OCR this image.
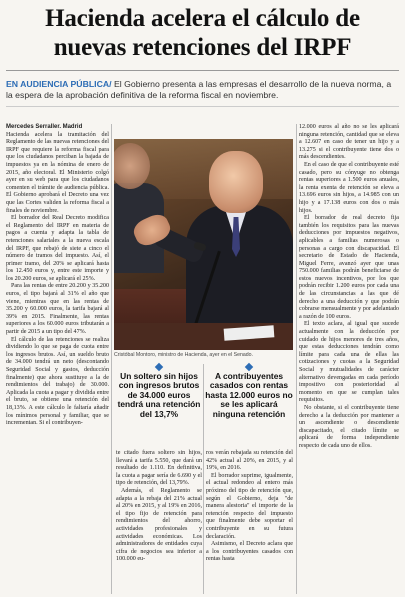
Hacienda acelera el cálculo de nuevas retenciones del IRPF
EN AUDIENCIA PÚBLICA/ El Gobierno presenta a las empresas el desarrollo de la nueva norma, a la espera de la aprobación definitiva de la reforma fiscal en noviembre.

Mercedes Serraller. Madrid

Hacienda acelera la tramitación del Reglamento de las nuevas retenciones del IRPF que requiere la reforma fiscal para que los ciudadanos perciban la bajada de impuestos ya en la nómina de enero de 2015, año electoral. El Ministerio colgó ayer en su web para que los ciudadanos comenten el trámite de audiencia pública. El Gobierno aprobará el Decreto una vez que las Cortes validen la reforma fiscal a finales de noviembre.

El borrador del Real Decreto modifica el Reglamento del IRPF en materia de pagos a cuenta y adapta la tabla de retenciones salariales a la nueva escala del IRPF, que rebajó de siete a cinco el número de tramos del impuesto. Así, el primer tramo, del 20% se aplicará hasta los 12.450 euros y, entre este importe y los 20.200 euros, se aplicará el 25%.

Para las rentas de entre 20.200 y 35.200 euros, el tipo bajará al 31% el año que viene, mientras que en las rentas de 35.200 y 60.000 euros, la tarifa bajará al 39% en 2015. Finalmente, las rentas superiores a los 60.000 euros tributarán a partir de 2015 a un tipo del 47%.

El cálculo de las retenciones se realiza dividiendo lo que se paga de cuota entre los ingresos brutos. Así, un sueldo bruto de 34.000 tendrá un neto (descontando Seguridad Social y gastos, deducción finalmente) que ahora sustituye a la de rendimientos del trabajo) de 30.000. Aplicada la cuota a pagar y dividida entre el bruto, se obtiene una retención del 18,13%. A este cálculo le faltaría añadir los mínimos personal y familiar, que se incrementan. Si el contribuyen-

Cristóbal Montoro, ministro de Hacienda, ayer en el Senado.
Un soltero sin hijos con ingresos brutos de 34.000 euros tendrá una retención del 13,7%
A contribuyentes casados con rentas hasta 12.000 euros no se les aplicará ninguna retención

te citado fuera soltero sin hijos, llevará a tarifa 5.550, que dará un resultado de 1.110. En definitiva, la cuota a pagar sería de 6.690 y el tipo de retención, del 13,79%.

Además, el Reglamento se adapta a la rebaja del 21% actual al 20% en 2015, y al 19% en 2016, el tipo fijo de retención para rendimientos del ahorro, actividades profesionales y actividades económicas. Los administradores de entidades cuya cifra de negocios sea inferior a 100.000 eu-

ros verán rebajada su retención del 42% actual al 20%, en 2015, y al 19%, en 2016.

El borrador suprime, igualmente, el actual redondeo al entero más próximo del tipo de retención que, según el Gobierno, deja "de manera alestoria" el importe de la retención respecto del impuesto que finalmente debe soportar el contribuyente en su futura declaración.

Asimismo, el Decreto aclara que a los contribuyentes casados con rentas hasta

12.000 euros al año no se les aplicará ninguna retención, cantidad que se eleva a 12.607 en caso de tener un hijo y a 13.275 si el contribuyente tiene dos o más descendientes.

En el caso de que el contribuyente esté casado, pero su cónyuge no obtenga rentas superiores a 1.500 euros anuales, la renta exenta de retención se eleva a 13.696 euros sin hijos, a 14.985 con un hijo y a 17.138 euros con dos o más hijos.

El borrador de real decreto fija también los requisitos para las nuevas deducciones por impuestos negativos, aplicables a familias numerosas o personas a cargo con discapacidad. El secretario de Estado de Hacienda, Miguel Ferre, avanzó ayer que unas 750.000 familias podrán beneficiarse de estos nuevos incentivos, por los que podrán recibir 1.200 euros por cada una de las circunstancias a las que dé derecho a una deducción y que podrán cobrarse mensualmente y por adelantado a razón de 100 euros.

El texto aclara, al igual que sucede actualmente con la deducción por cuidado de hijos menores de tres años, que estas deducciones tendrán como límite para cada una de ellas las cotizaciones y cuotas a la Seguridad Social y mutualidades de carácter alternativo devengadas en cada período impositivo con posterioridad al momento en que se cumplan tales requisitos.

No obstante, si el contribuyente tiene derecho a la deducción por mantener a un ascendiente o descendiente discapacitado, el citado límite se aplicará de forma independiente respecto de cada uno de ellos.
